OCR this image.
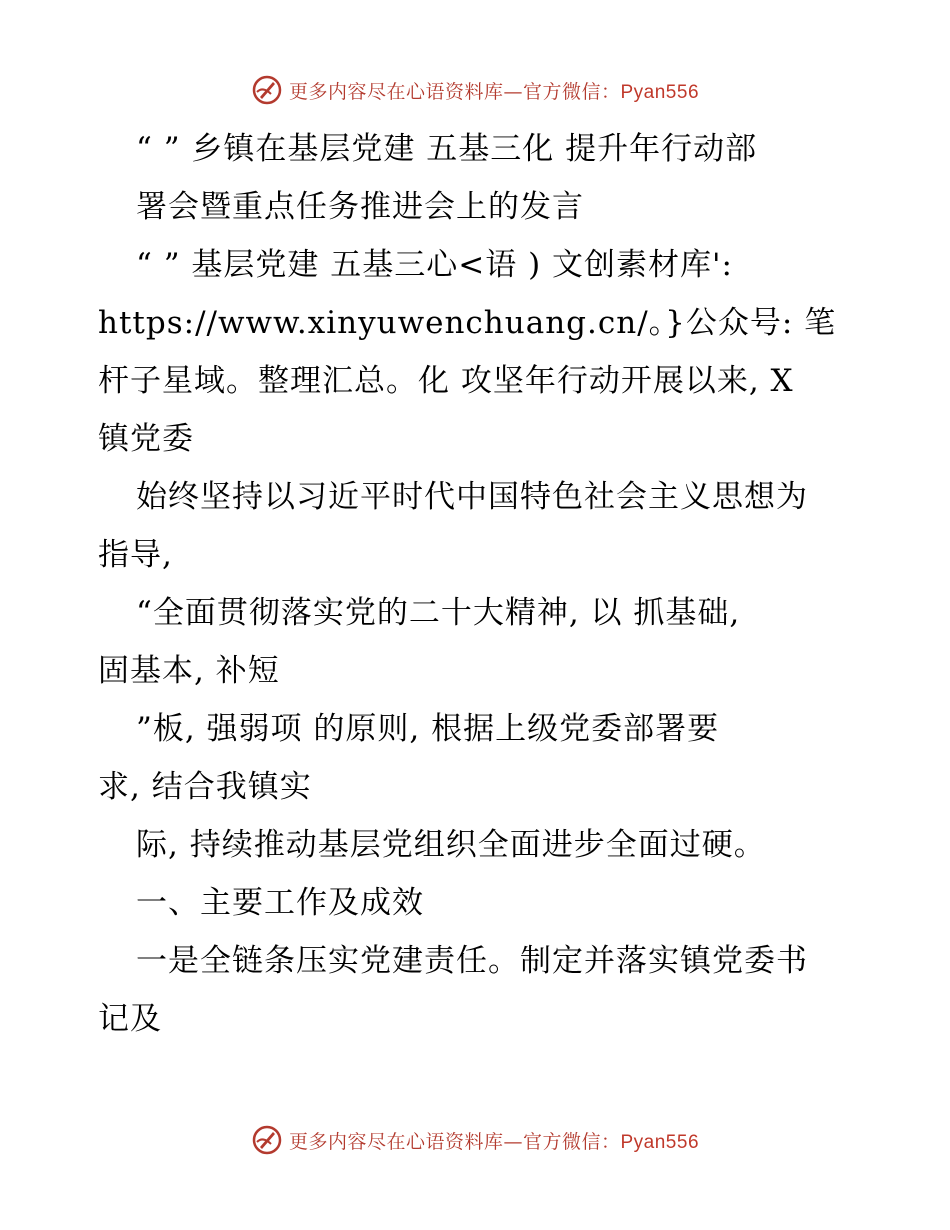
更多内容尽在心语资料库—官方微信：Pyan556
“ ” 乡镇在基层党建 五基三化 提升年行动部
署会暨重点任务推进会上的发言
“ ” 基层党建 五基三心<语 ) 文创素材库':
https://www.xinyuwenchuang.cn/。}公众号: 笔
杆子星域。整理汇总。化 攻坚年行动开展以来, X
镇党委
始终坚持以习近平时代中国特色社会主义思想为
指导,
“全面贯彻落实党的二十大精神, 以 抓基础,
固基本, 补短
”板, 强弱项 的原则, 根据上级党委部署要
求, 结合我镇实
际, 持续推动基层党组织全面进步全面过硬。
一、主要工作及成效
一是全链条压实党建责任。制定并落实镇党委书
记及
更多内容尽在心语资料库—官方微信：Pyan556
